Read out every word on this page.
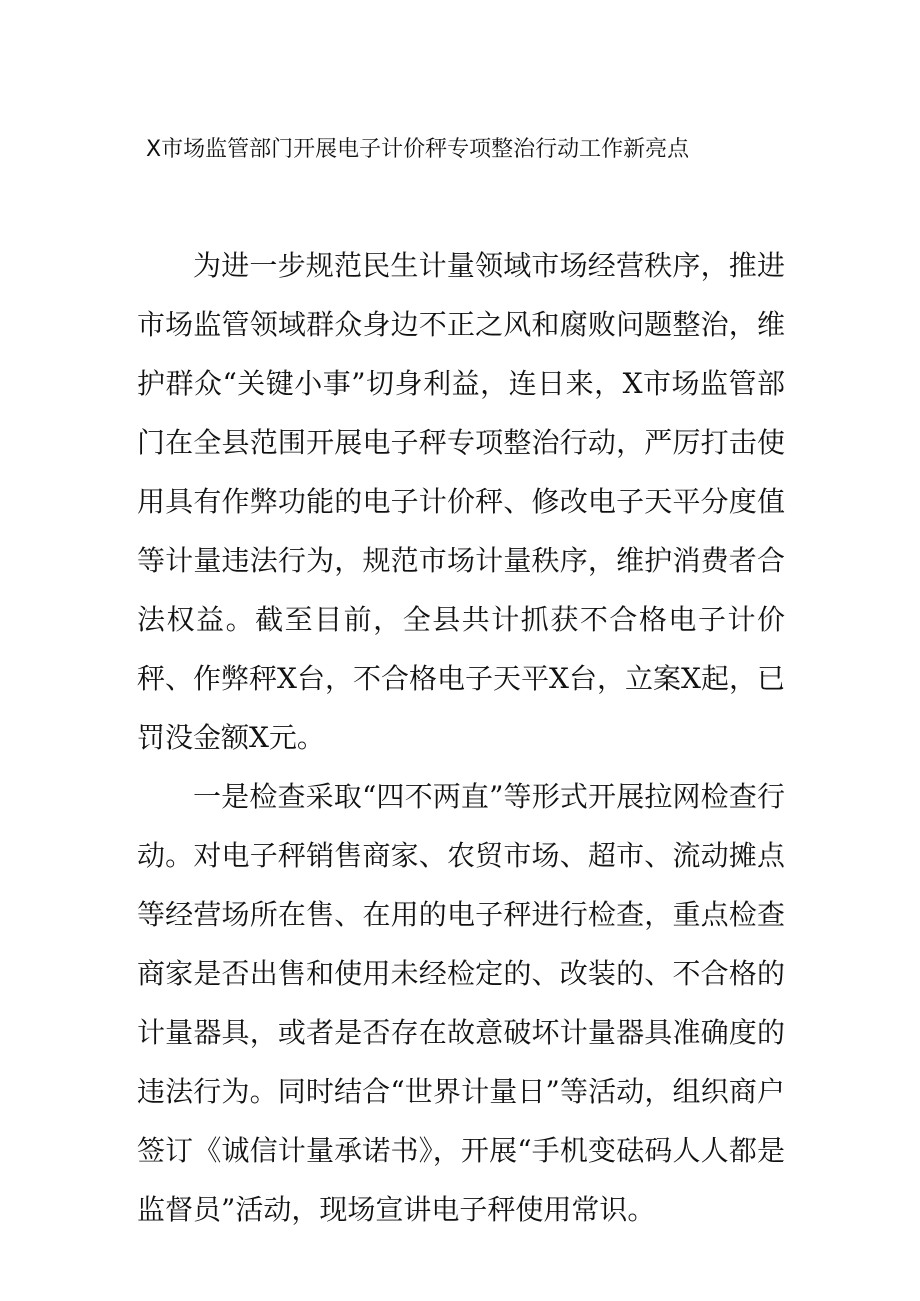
X市场监管部门开展电子计价秤专项整治行动工作新亮点

为进一步规范民生计量领域市场经营秩序，推进市场监管领域群众身边不正之风和腐败问题整治，维护群众“关键小事”切身利益，连日来，X市场监管部门在全县范围开展电子秤专项整治行动，严厉打击使用具有作弊功能的电子计价秤、修改电子天平分度值等计量违法行为，规范市场计量秩序，维护消费者合法权益。截至目前，全县共计抓获不合格电子计价秤、作弊秤X台，不合格电子天平X台，立案X起，已罚没金额X元。

一是检查采取“四不两直”等形式开展拉网检查行动。对电子秤销售商家、农贸市场、超市、流动摊点等经营场所在售、在用的电子秤进行检查，重点检查商家是否出售和使用未经检定的、改装的、不合格的计量器具，或者是否存在故意破坏计量器具准确度的违法行为。同时结合“世界计量日”等活动，组织商户签订《诚信计量承诺书》，开展“手机变砝码人人都是监督员”活动，现场宣讲电子秤使用常识。
